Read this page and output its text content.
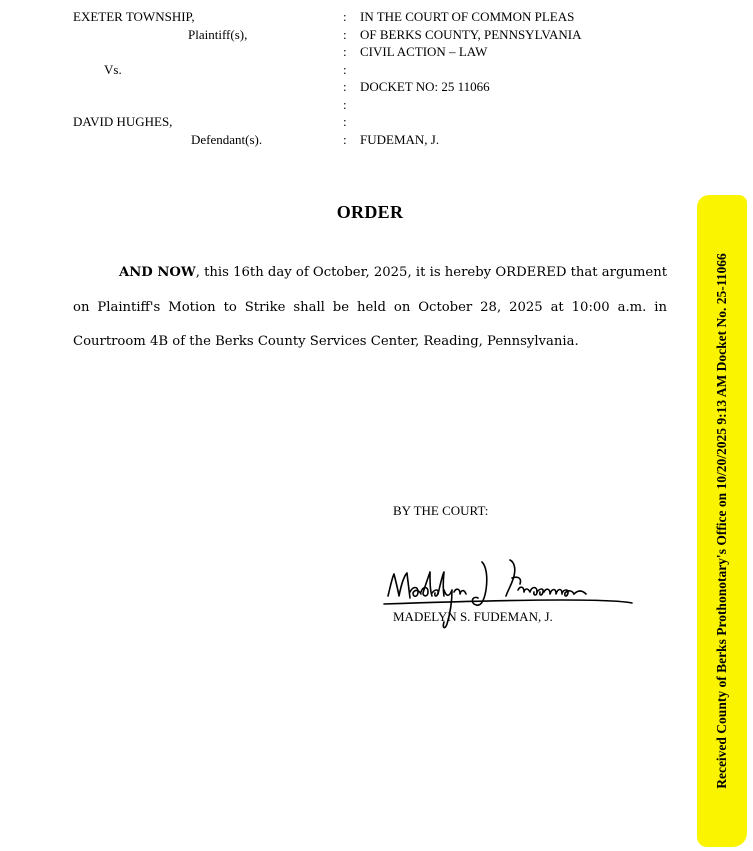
EXETER TOWNSHIP,
Plaintiff(s),
Vs.
DAVID HUGHES,
Defendant(s).
:
:
:
:
:
:
:
:
IN THE COURT OF COMMON PLEAS
OF BERKS COUNTY, PENNSYLVANIA
CIVIL ACTION – LAW
DOCKET NO: 25 11066
FUDEMAN, J.
ORDER

AND NOW, this 16th day of October, 2025, it is hereby ORDERED that argument on Plaintiff's Motion to Strike shall be held on October 28, 2025 at 10:00 a.m. in Courtroom 4B of the Berks County Services Center, Reading, Pennsylvania.

BY THE COURT:
MADELYN S. FUDEMAN, J.	Received County of Berks Prothonotary's Office on 10/20/2025 9:13 AM Docket No. 25-11066
